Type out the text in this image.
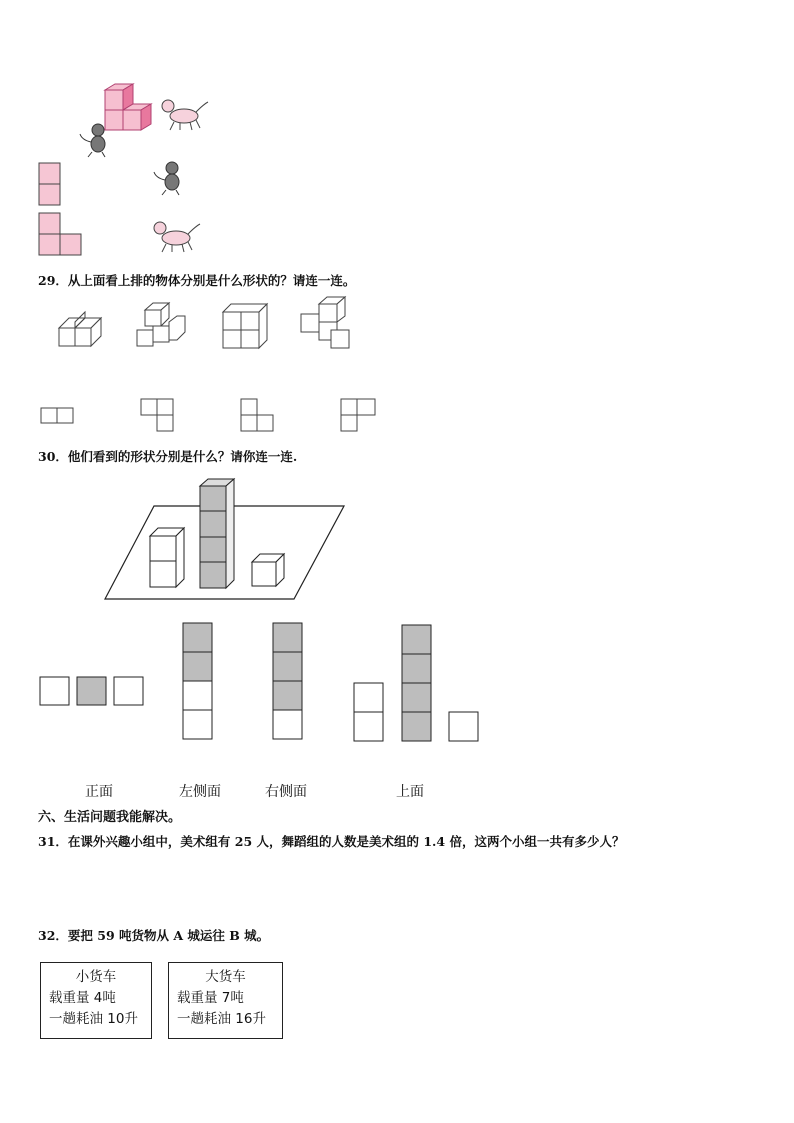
29．从上面看上排的物体分别是什么形状的？请连一连。
30．他们看到的形状分别是什么？请你连一连.
正面	左侧面	右侧面	上面
六、生活问题我能解决。
31．在课外兴趣小组中，美术组有 25 人，舞蹈组的人数是美术组的 1.4 倍，这两个小组一共有多少人？
32．要把 59 吨货物从 A 城运往 B 城。
小货车
载重量 4吨
一趟耗油 10升
大货车
载重量 7吨
一趟耗油 16升
